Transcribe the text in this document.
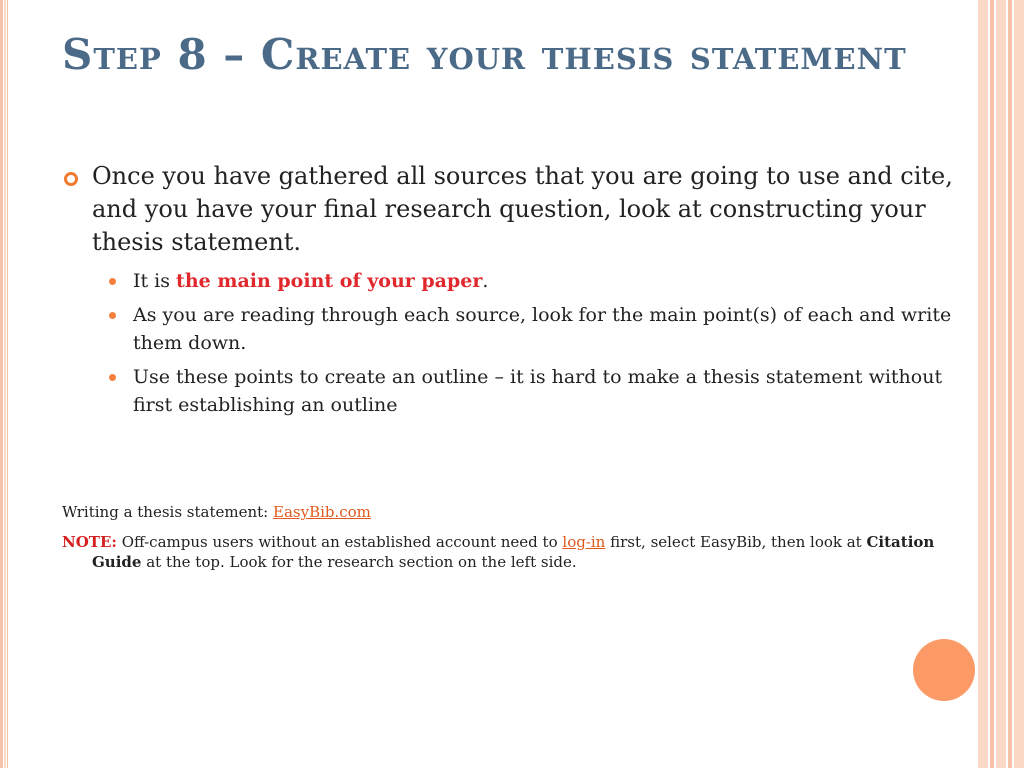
Step 8 – Create your thesis statement

Once you have gathered all sources that you are going to use and cite, and you have your final research question, look at constructing your thesis statement.

It is the main point of your paper.
As you are reading through each source, look for the main point(s) of each and write them down.
Use these points to create an outline – it is hard to make a thesis statement without first establishing an outline

Writing a thesis statement: EasyBib.com

NOTE: Off-campus users without an established account need to log-in first, select EasyBib, then look at Citation Guide at the top. Look for the research section on the left side.
